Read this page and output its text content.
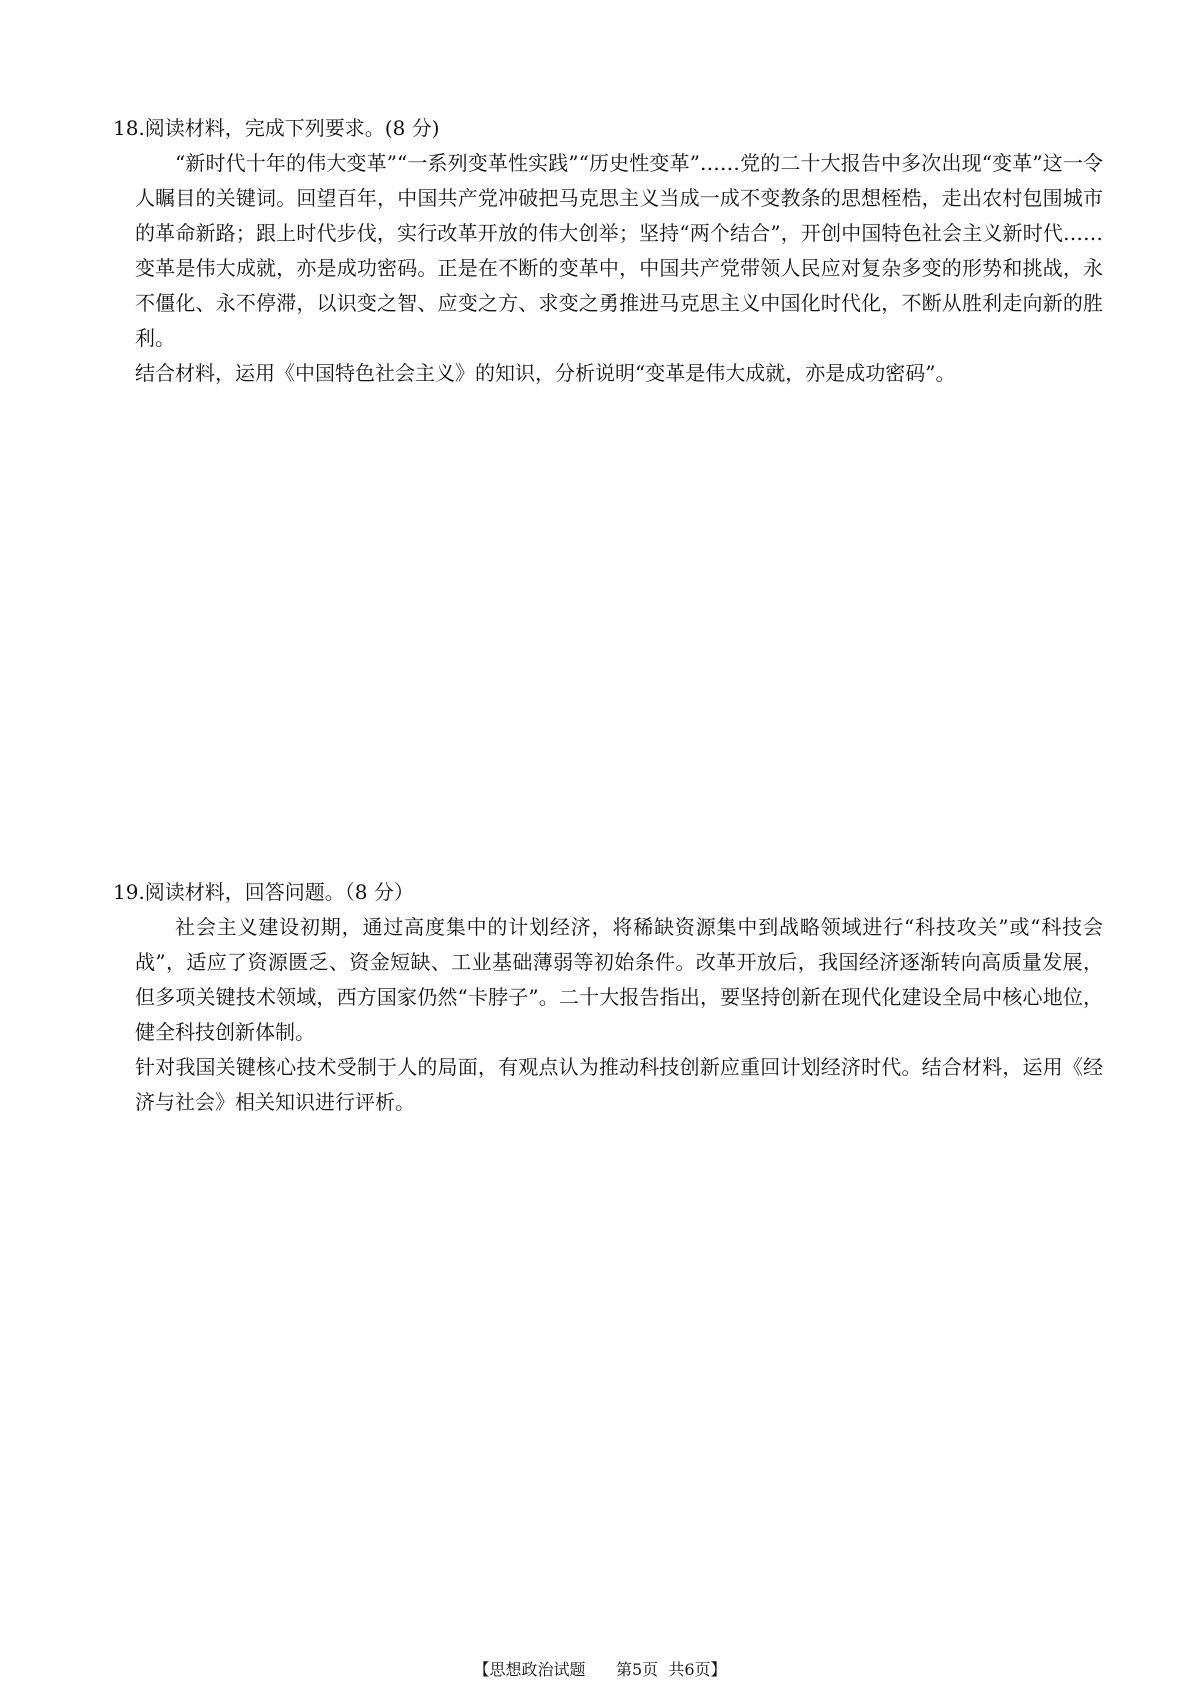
18.阅读材料，完成下列要求。(8 分)

“新时代十年的伟大变革”“一系列变革性实践”“历史性变革”……党的二十大报告中多次出现“变革”这一令人瞩目的关键词。回望百年，中国共产党冲破把马克思主义当成一成不变教条的思想桎梏，走出农村包围城市的革命新路；跟上时代步伐，实行改革开放的伟大创举；坚持“两个结合”，开创中国特色社会主义新时代……变革是伟大成就，亦是成功密码。正是在不断的变革中，中国共产党带领人民应对复杂多变的形势和挑战，永不僵化、永不停滞，以识变之智、应变之方、求变之勇推进马克思主义中国化时代化，不断从胜利走向新的胜利。

结合材料，运用《中国特色社会主义》的知识，分析说明“变革是伟大成就，亦是成功密码”。

19.阅读材料，回答问题。（8 分）

社会主义建设初期，通过高度集中的计划经济，将稀缺资源集中到战略领域进行“科技攻关”或“科技会战”，适应了资源匮乏、资金短缺、工业基础薄弱等初始条件。改革开放后，我国经济逐渐转向高质量发展，但多项关键技术领域，西方国家仍然“卡脖子”。二十大报告指出，要坚持创新在现代化建设全局中核心地位，健全科技创新体制。

针对我国关键核心技术受制于人的局面，有观点认为推动科技创新应重回计划经济时代。结合材料，运用《经济与社会》相关知识进行评析。

【思想政治试题      第5页  共6页】
